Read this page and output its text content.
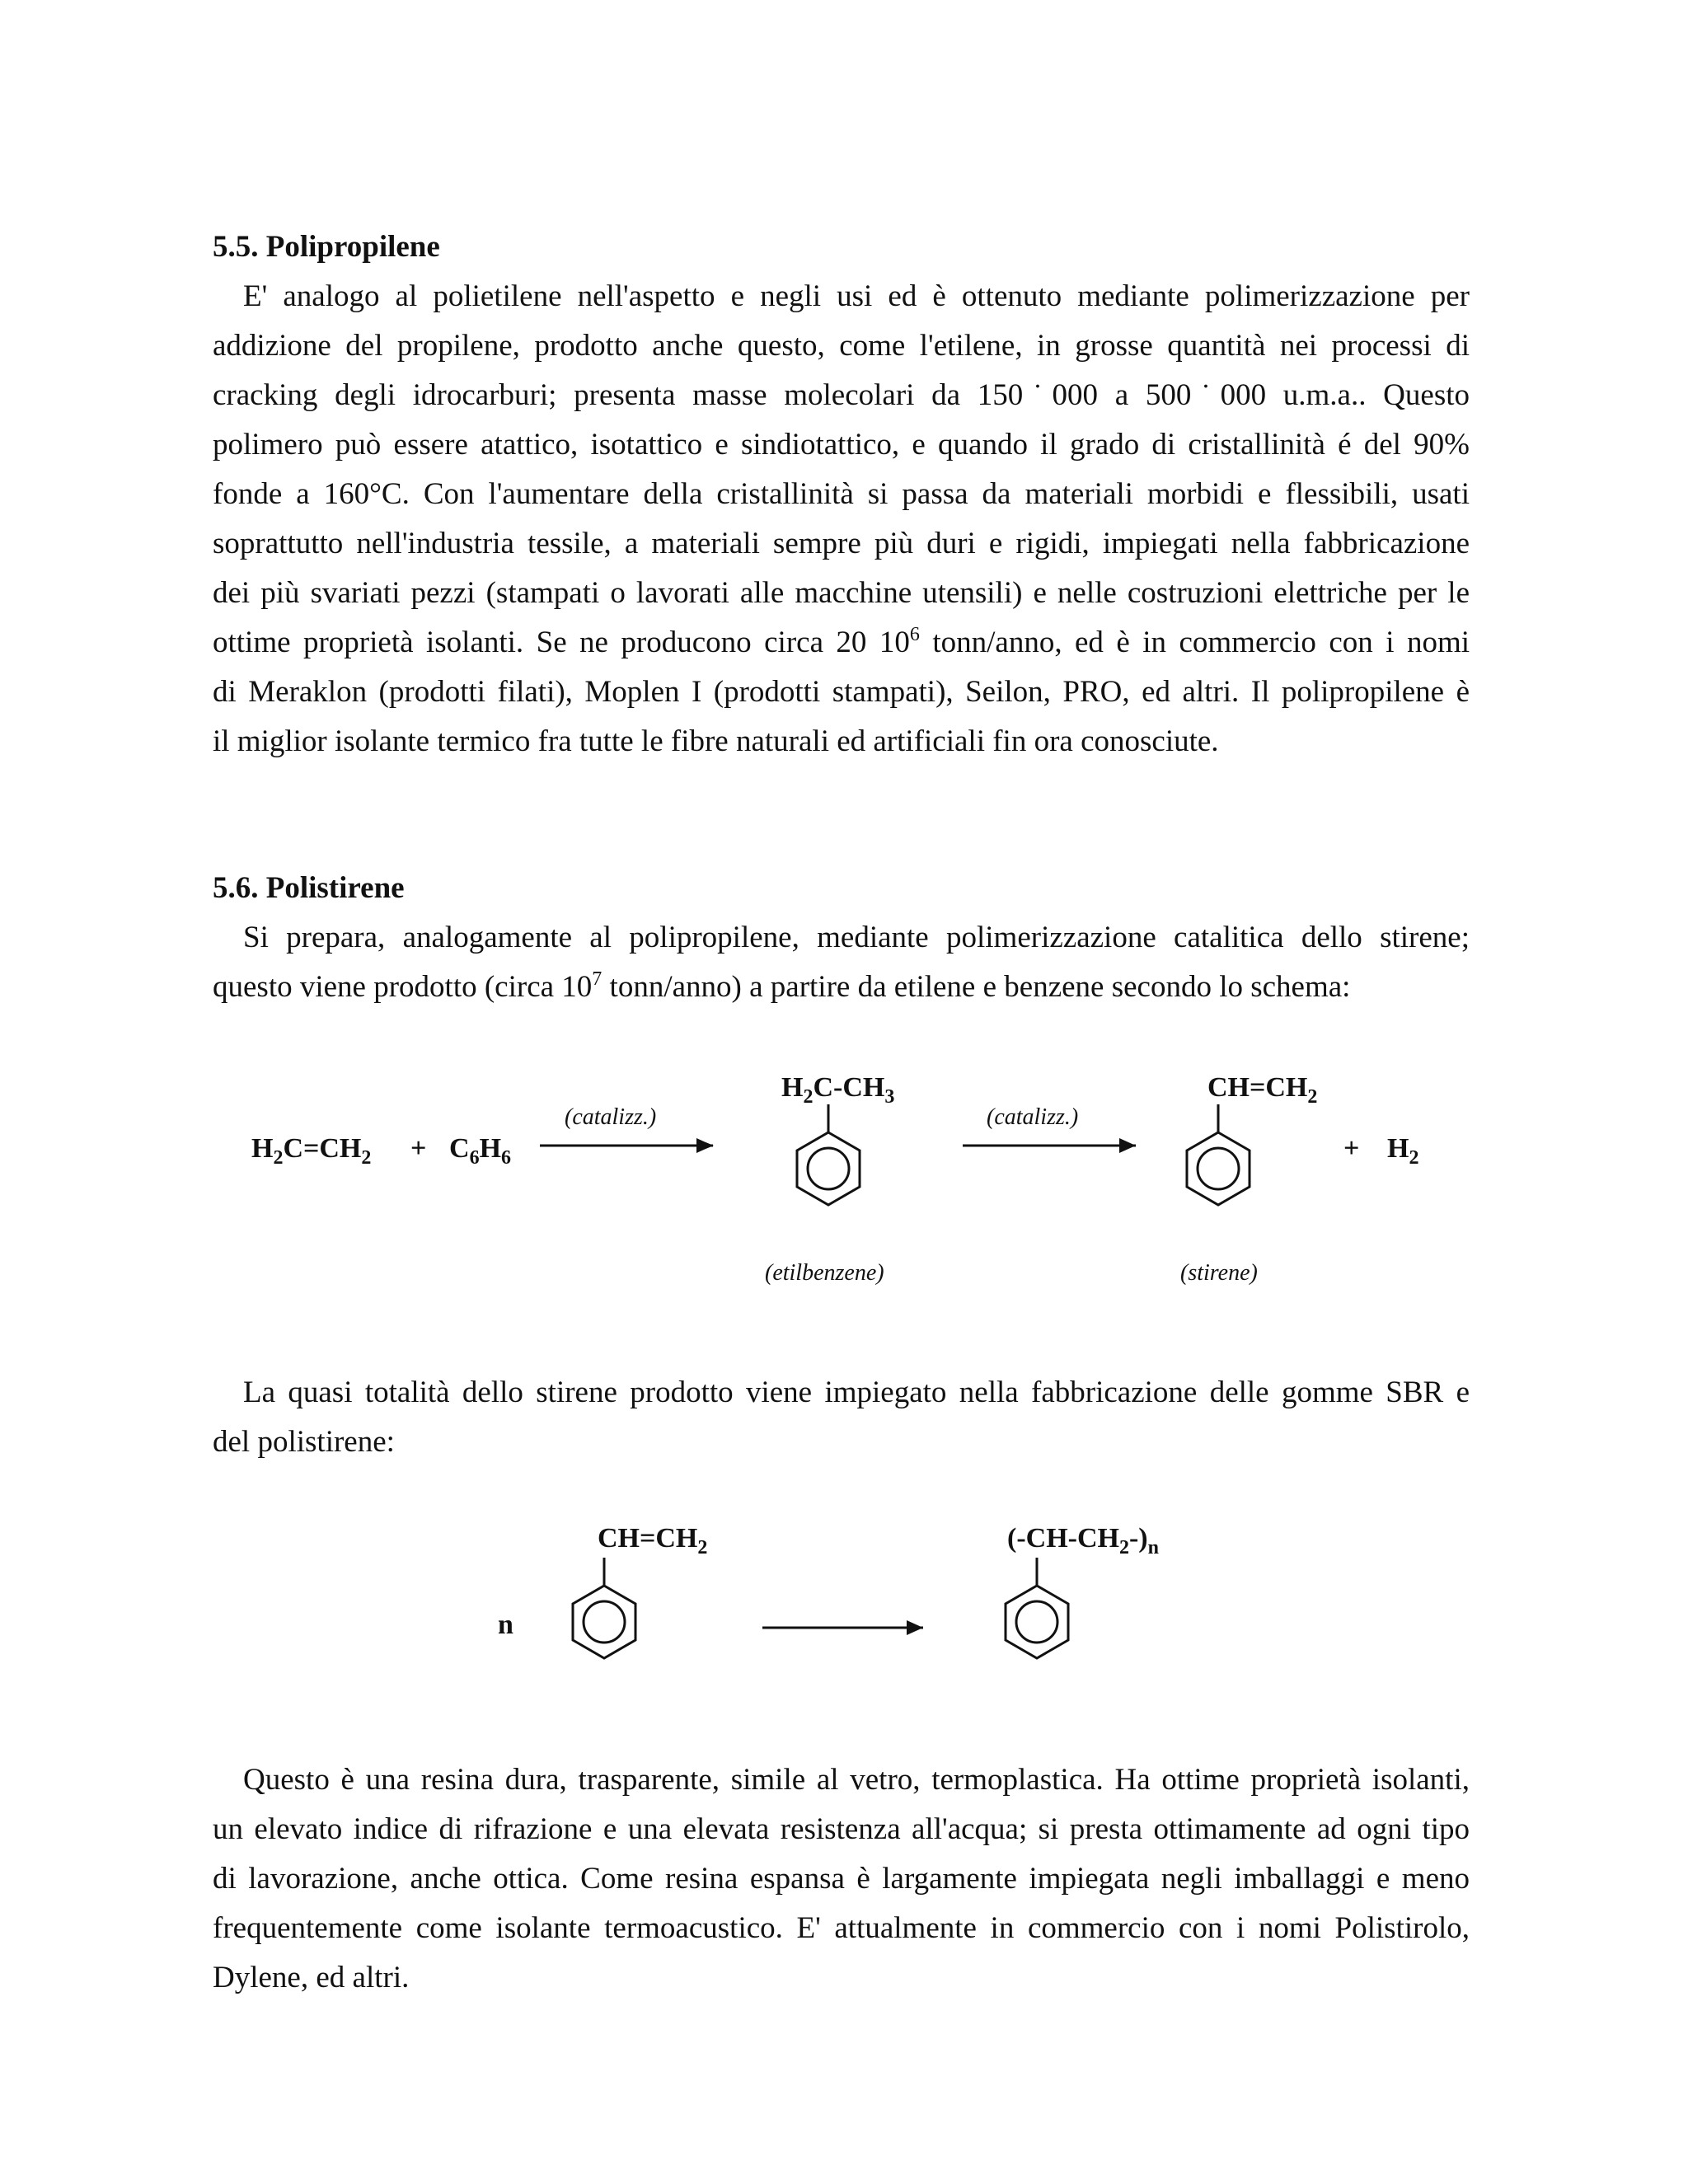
5.5. Polipropilene
E' analogo al polietilene nell'aspetto e negli usi ed è ottenuto mediante polimerizzazione per
addizione del propilene, prodotto anche questo, come l'etilene, in grosse quantità nei processi di
cracking degli idrocarburi; presenta masse molecolari da 150˙000 a 500˙000 u.m.a.. Questo
polimero può essere atattico, isotattico e sindiotattico, e quando il grado di cristallinità é del 90%
fonde a 160°C. Con l'aumentare della cristallinità si passa da materiali morbidi e flessibili, usati
soprattutto nell'industria tessile, a materiali sempre più duri e rigidi, impiegati nella fabbricazione
dei più svariati pezzi (stampati o lavorati alle macchine utensili) e nelle costruzioni elettriche per le
ottime proprietà isolanti. Se ne producono circa 20 $10^6$ tonn/anno, ed è in commercio con i nomi
di Meraklon (prodotti filati), Moplen I (prodotti stampati), Seilon, PRO, ed altri. Il polipropilene è
il miglior isolante termico fra tutte le fibre naturali ed artificiali fin ora conosciute.
5.6. Polistirene
Si prepara, analogamente al polipropilene, mediante polimerizzazione catalitica dello stirene;
questo viene prodotto (circa $10^7$ tonn/anno) a partire da etilene e benzene secondo lo schema:
La quasi totalità dello stirene prodotto viene impiegato nella fabbricazione delle gomme SBR e
del polistirene:
Questo è una resina dura, trasparente, simile al vetro, termoplastica. Ha ottime proprietà isolanti,
un elevato indice di rifrazione e una elevata resistenza all'acqua; si presta ottimamente ad ogni tipo
di lavorazione, anche ottica. Come resina espansa è largamente impiegata negli imballaggi e meno
frequentemente come isolante termoacustico. E' attualmente in commercio con i nomi Polistirolo,
Dylene, ed altri.
$H_2C=CH_2 + C_6H_6$
(catalizz.)
$H_2C-CH_3$
(etilbenzene)
(catalizz.)
$CH=CH_2$
(stirene)
+ $H_2$
$CH=CH_2$
n
$(-CH-CH_2-)_n$
